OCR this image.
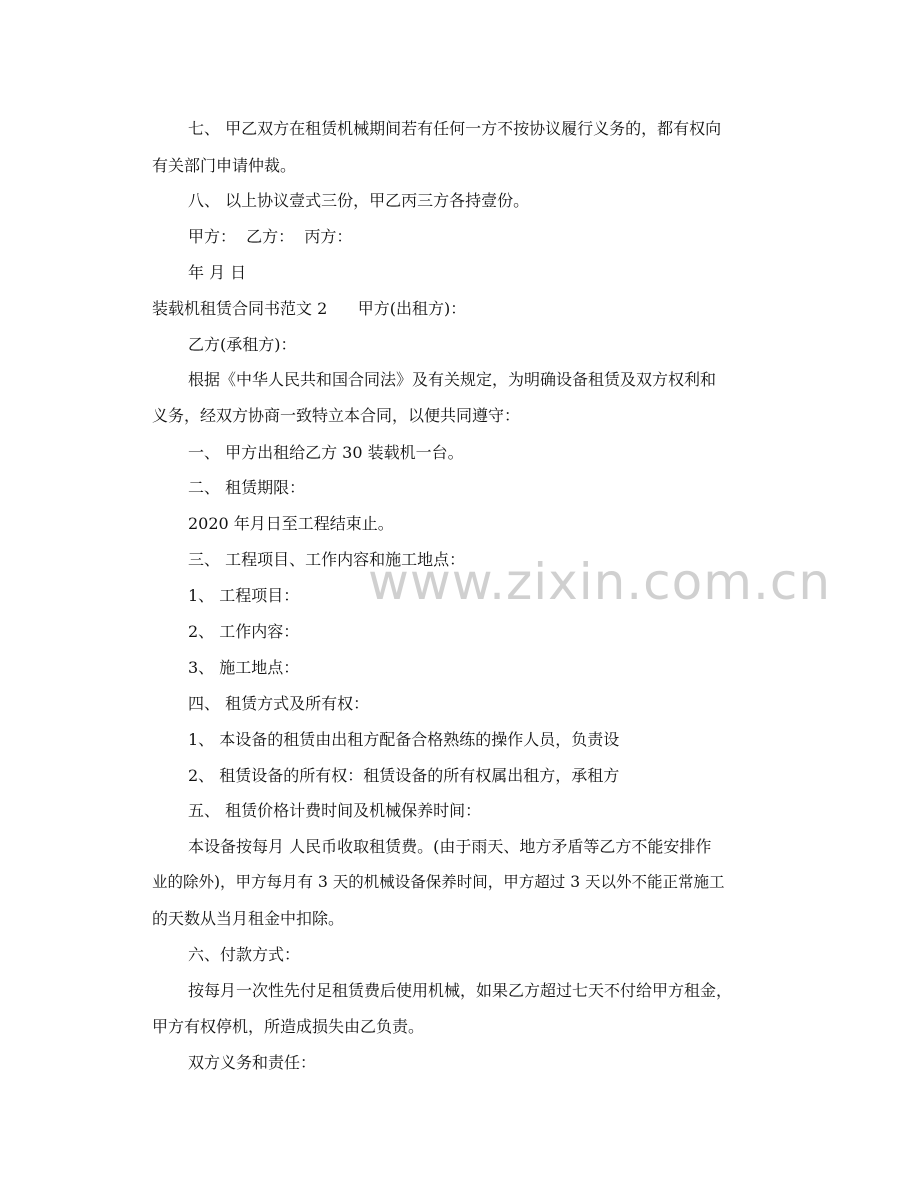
七、 甲乙双方在租赁机械期间若有任何一方不按协议履行义务的，都有权向

有关部门申请仲裁。

八、 以上协议壹式三份，甲乙丙三方各持壹份。

甲方：  乙方：  丙方：

年 月 日

装载机租赁合同书范文 2      甲方(出租方)：

乙方(承租方)：

根据《中华人民共和国合同法》及有关规定，为明确设备租赁及双方权利和

义务，经双方协商一致特立本合同，以便共同遵守：

一、 甲方出租给乙方 30 装载机一台。

二、 租赁期限：

2020 年月日至工程结束止。

三、 工程项目、工作内容和施工地点：

1、 工程项目：

2、 工作内容：

3、 施工地点：

四、 租赁方式及所有权：

1、 本设备的租赁由出租方配备合格熟练的操作人员，负责设

2、 租赁设备的所有权：租赁设备的所有权属出租方，承租方

五、 租赁价格计费时间及机械保养时间：

本设备按每月 人民币收取租赁费。(由于雨天、地方矛盾等乙方不能安排作

业的除外)，甲方每月有 3 天的机械设备保养时间，甲方超过 3 天以外不能正常施工

的天数从当月租金中扣除。

六、付款方式：

按每月一次性先付足租赁费后使用机械，如果乙方超过七天不付给甲方租金，

甲方有权停机，所造成损失由乙负责。

双方义务和责任：

www.zixin.com.cn
